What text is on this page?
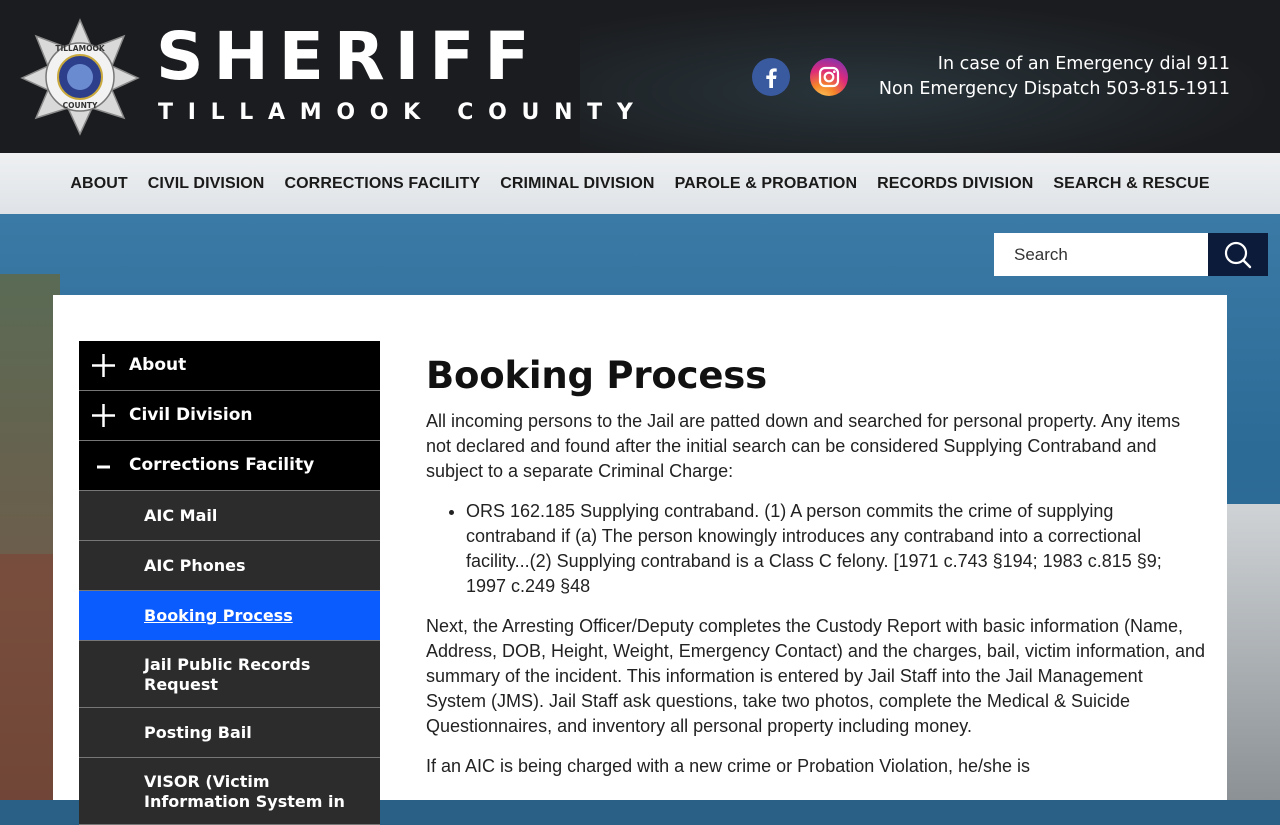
TILLAMOOK
COUNTY
SHERIFF
TILLAMOOK COUNTY
In case of an Emergency dial 911
Non Emergency Dispatch 503-815-1911
ABOUT CIVIL DIVISION CORRECTIONS FACILITY CRIMINAL DIVISION PAROLE & PROBATION RECORDS DIVISION SEARCH & RESCUE
Search
About
Civil Division
Corrections Facility
AIC Mail
AIC Phones
Booking Process
Jail Public Records Request
Posting Bail
VISOR (Victim Information System in
Booking Process

All incoming persons to the Jail are patted down and searched for personal property. Any items not declared and found after the initial search can be considered Supplying Contraband and subject to a separate Criminal Charge:

• ORS 162.185 Supplying contraband. (1) A person commits the crime of supplying contraband if (a) The person knowingly introduces any contraband into a correctional facility...(2) Supplying contraband is a Class C felony. [1971 c.743 §194; 1983 c.815 §9; 1997 c.249 §48

Next, the Arresting Officer/Deputy completes the Custody Report with basic information (Name, Address, DOB, Height, Weight, Emergency Contact) and the charges, bail, victim information, and summary of the incident. This information is entered by Jail Staff into the Jail Management System (JMS). Jail Staff ask questions, take two photos, complete the Medical & Suicide Questionnaires, and inventory all personal property including money.

If an AIC is being charged with a new crime or Probation Violation, he/she is
